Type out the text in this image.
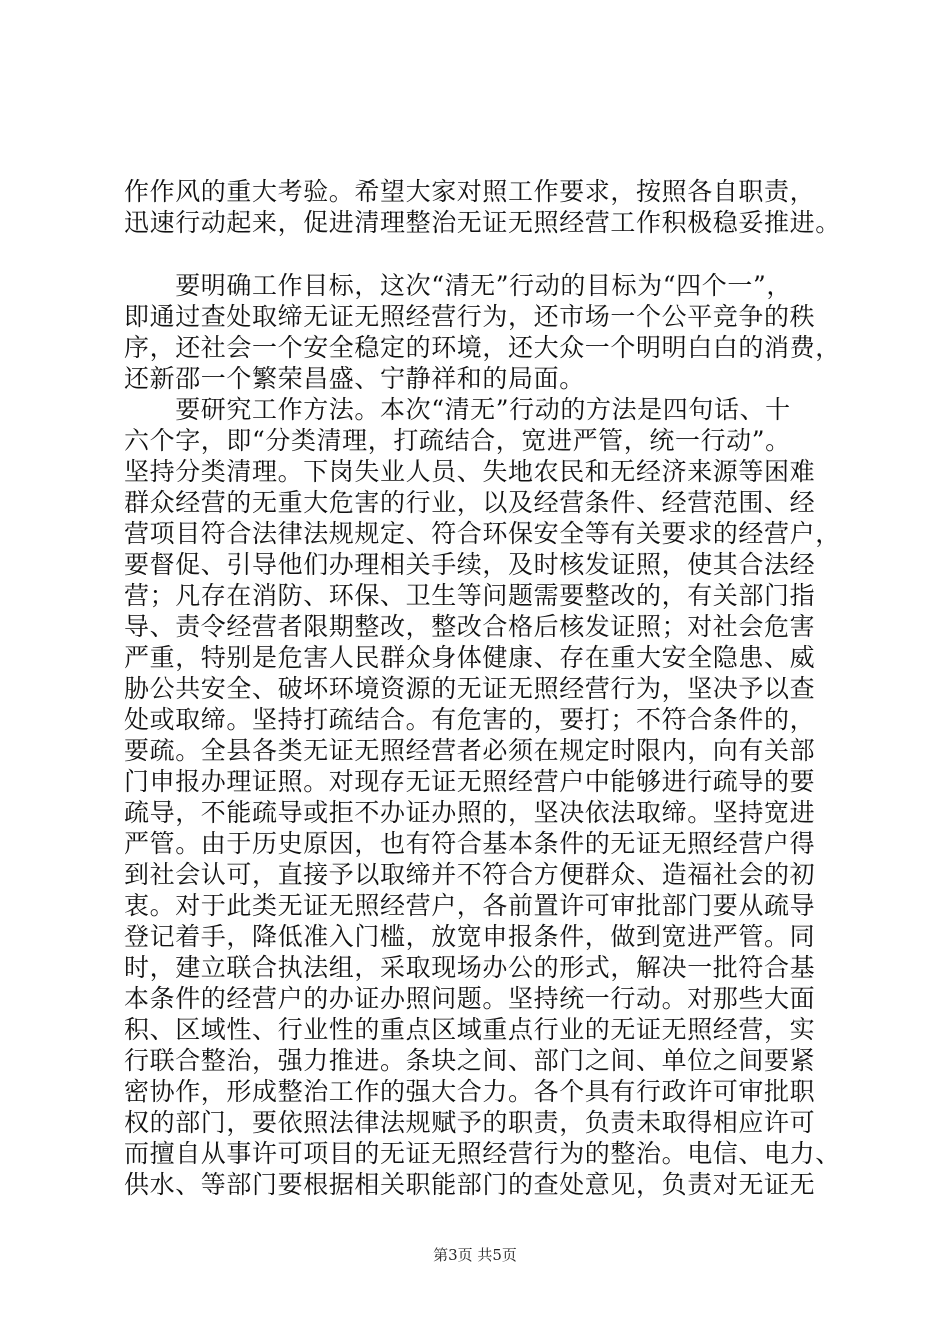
作作风的重大考验。希望大家对照工作要求，按照各自职责，
迅速行动起来，促进清理整治无证无照经营工作积极稳妥推进。
　　要明确工作目标，这次“清无”行动的目标为“四个一”，
即通过查处取缔无证无照经营行为，还市场一个公平竞争的秩
序，还社会一个安全稳定的环境，还大众一个明明白白的消费，
还新邵一个繁荣昌盛、宁静祥和的局面。
　　要研究工作方法。本次“清无”行动的方法是四句话、十
六个字，即“分类清理，打疏结合，宽进严管，统一行动”。
坚持分类清理。下岗失业人员、失地农民和无经济来源等困难
群众经营的无重大危害的行业，以及经营条件、经营范围、经
营项目符合法律法规规定、符合环保安全等有关要求的经营户，
要督促、引导他们办理相关手续，及时核发证照，使其合法经
营；凡存在消防、环保、卫生等问题需要整改的，有关部门指
导、责令经营者限期整改，整改合格后核发证照；对社会危害
严重，特别是危害人民群众身体健康、存在重大安全隐患、威
胁公共安全、破坏环境资源的无证无照经营行为，坚决予以查
处或取缔。坚持打疏结合。有危害的，要打；不符合条件的，
要疏。全县各类无证无照经营者必须在规定时限内，向有关部
门申报办理证照。对现存无证无照经营户中能够进行疏导的要
疏导，不能疏导或拒不办证办照的，坚决依法取缔。坚持宽进
严管。由于历史原因，也有符合基本条件的无证无照经营户得
到社会认可，直接予以取缔并不符合方便群众、造福社会的初
衷。对于此类无证无照经营户，各前置许可审批部门要从疏导
登记着手，降低准入门槛，放宽申报条件，做到宽进严管。同
时，建立联合执法组，采取现场办公的形式，解决一批符合基
本条件的经营户的办证办照问题。坚持统一行动。对那些大面
积、区域性、行业性的重点区域重点行业的无证无照经营，实
行联合整治，强力推进。条块之间、部门之间、单位之间要紧
密协作，形成整治工作的强大合力。各个具有行政许可审批职
权的部门，要依照法律法规赋予的职责，负责未取得相应许可
而擅自从事许可项目的无证无照经营行为的整治。电信、电力、
供水、等部门要根据相关职能部门的查处意见，负责对无证无
第3页 共5页
